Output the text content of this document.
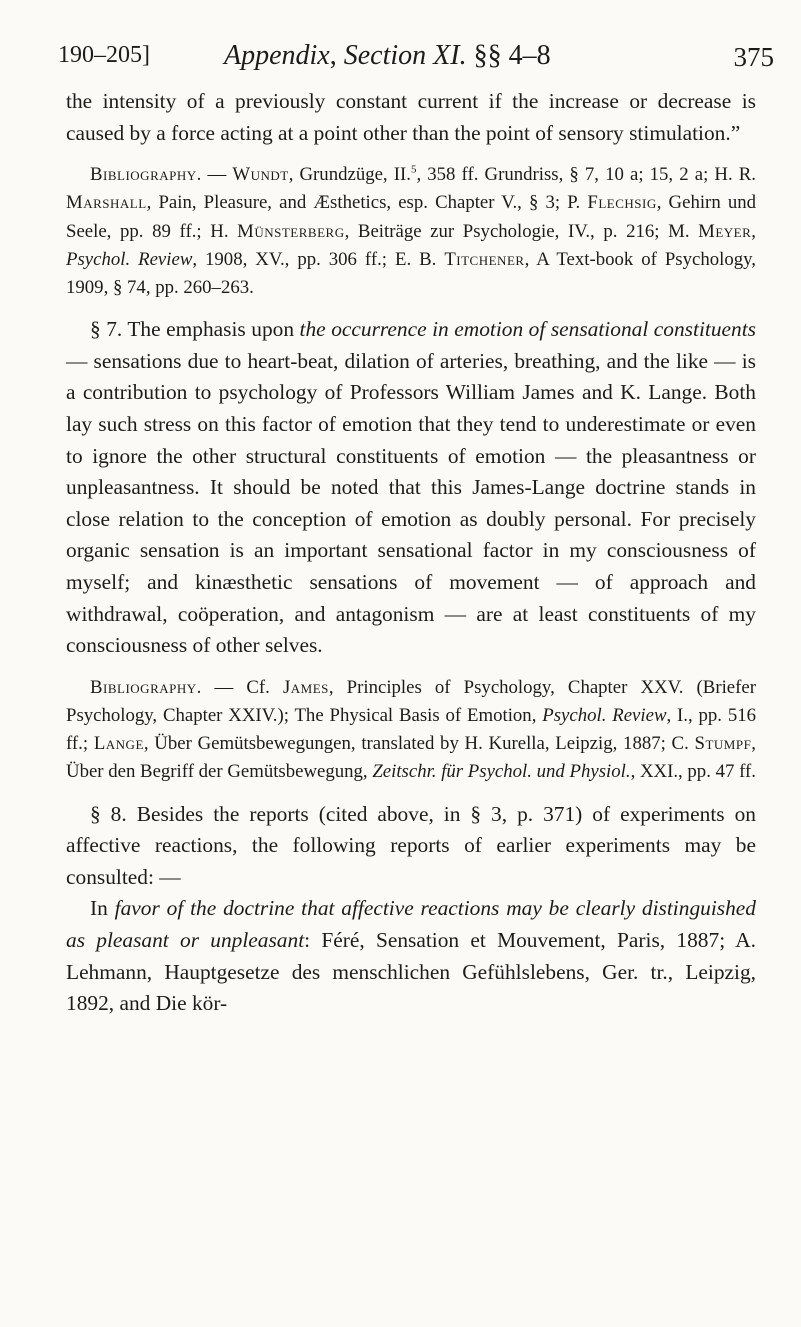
190–205]	Appendix, Section XI. §§ 4–8	375

the intensity of a previously constant current if the increase or decrease is caused by a force acting at a point other than the point of sensory stimulation.”

Bibliography. — Wundt, Grundzüge, II.$^5$, 358 ff. Grundriss, § 7, 10 a; 15, 2 a; H. R. Marshall, Pain, Pleasure, and Æsthetics, esp. Chapter V., § 3; P. Flechsig, Gehirn und Seele, pp. 89 ff.; H. Münsterberg, Beiträge zur Psychologie, IV., p. 216; M. Meyer, Psychol. Review, 1908, XV., pp. 306 ff.; E. B. Titchener, A Text-book of Psychology, 1909, § 74, pp. 260–263.

§ 7. The emphasis upon the occurrence in emotion of sensational constituents — sensations due to heart-beat, dilation of arteries, breathing, and the like — is a contribution to psychology of Professors William James and K. Lange. Both lay such stress on this factor of emotion that they tend to underestimate or even to ignore the other structural constituents of emotion — the pleasantness or unpleasantness. It should be noted that this James-Lange doctrine stands in close relation to the conception of emotion as doubly personal. For precisely organic sensation is an important sensational factor in my consciousness of myself; and kinæsthetic sensations of movement — of approach and withdrawal, coöperation, and antagonism — are at least constituents of my consciousness of other selves.

Bibliography. — Cf. James, Principles of Psychology, Chapter XXV. (Briefer Psychology, Chapter XXIV.); The Physical Basis of Emotion, Psychol. Review, I., pp. 516 ff.; Lange, Über Gemütsbewegungen, translated by H. Kurella, Leipzig, 1887; C. Stumpf, Über den Begriff der Gemütsbewegung, Zeitschr. für Psychol. und Physiol., XXI., pp. 47 ff.

§ 8. Besides the reports (cited above, in § 3, p. 371) of experiments on affective reactions, the following reports of earlier experiments may be consulted: —

In favor of the doctrine that affective reactions may be clearly distinguished as pleasant or unpleasant: Féré, Sensation et Mouvement, Paris, 1887; A. Lehmann, Hauptgesetze des menschlichen Gefühlslebens, Ger. tr., Leipzig, 1892, and Die kör-
